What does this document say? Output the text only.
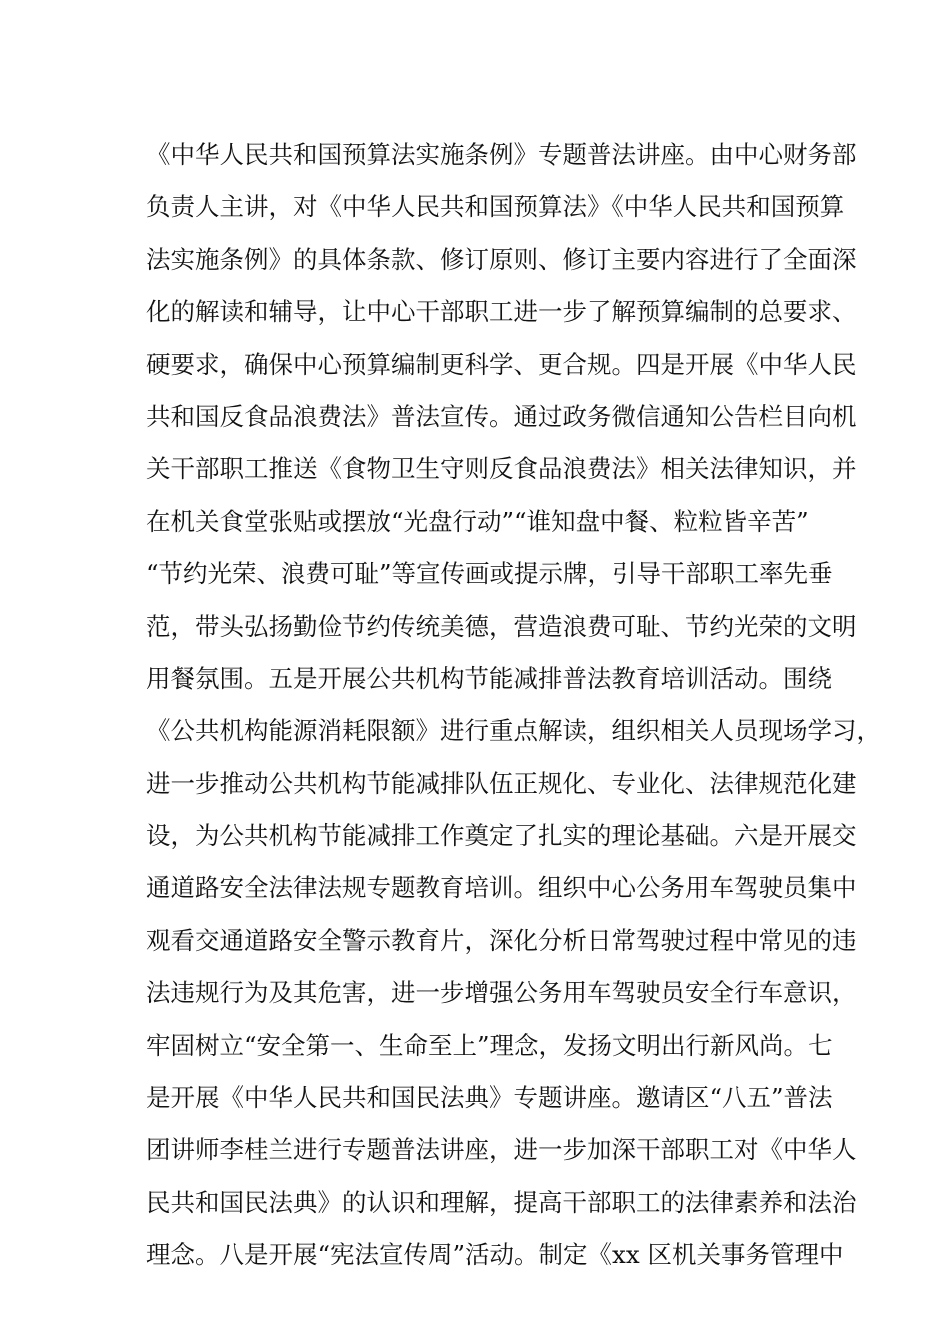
《中华人民共和国预算法实施条例》专题普法讲座。由中心财务部
负责人主讲，对《中华人民共和国预算法》《中华人民共和国预算
法实施条例》的具体条款、修订原则、修订主要内容进行了全面深
化的解读和辅导，让中心干部职工进一步了解预算编制的总要求、
硬要求，确保中心预算编制更科学、更合规。四是开展《中华人民
共和国反食品浪费法》普法宣传。通过政务微信通知公告栏目向机
关干部职工推送《食物卫生守则反食品浪费法》相关法律知识，并
在机关食堂张贴或摆放“光盘行动”“谁知盘中餐、粒粒皆辛苦”
“节约光荣、浪费可耻”等宣传画或提示牌，引导干部职工率先垂
范，带头弘扬勤俭节约传统美德，营造浪费可耻、节约光荣的文明
用餐氛围。五是开展公共机构节能减排普法教育培训活动。围绕
《公共机构能源消耗限额》进行重点解读，组织相关人员现场学习，
进一步推动公共机构节能减排队伍正规化、专业化、法律规范化建
设，为公共机构节能减排工作奠定了扎实的理论基础。六是开展交
通道路安全法律法规专题教育培训。组织中心公务用车驾驶员集中
观看交通道路安全警示教育片，深化分析日常驾驶过程中常见的违
法违规行为及其危害，进一步增强公务用车驾驶员安全行车意识，
牢固树立“安全第一、生命至上”理念，发扬文明出行新风尚。七
是开展《中华人民共和国民法典》专题讲座。邀请区“八五”普法
团讲师李桂兰进行专题普法讲座，进一步加深干部职工对《中华人
民共和国民法典》的认识和理解，提高干部职工的法律素养和法治
理念。八是开展“宪法宣传周”活动。制定《xx 区机关事务管理中
